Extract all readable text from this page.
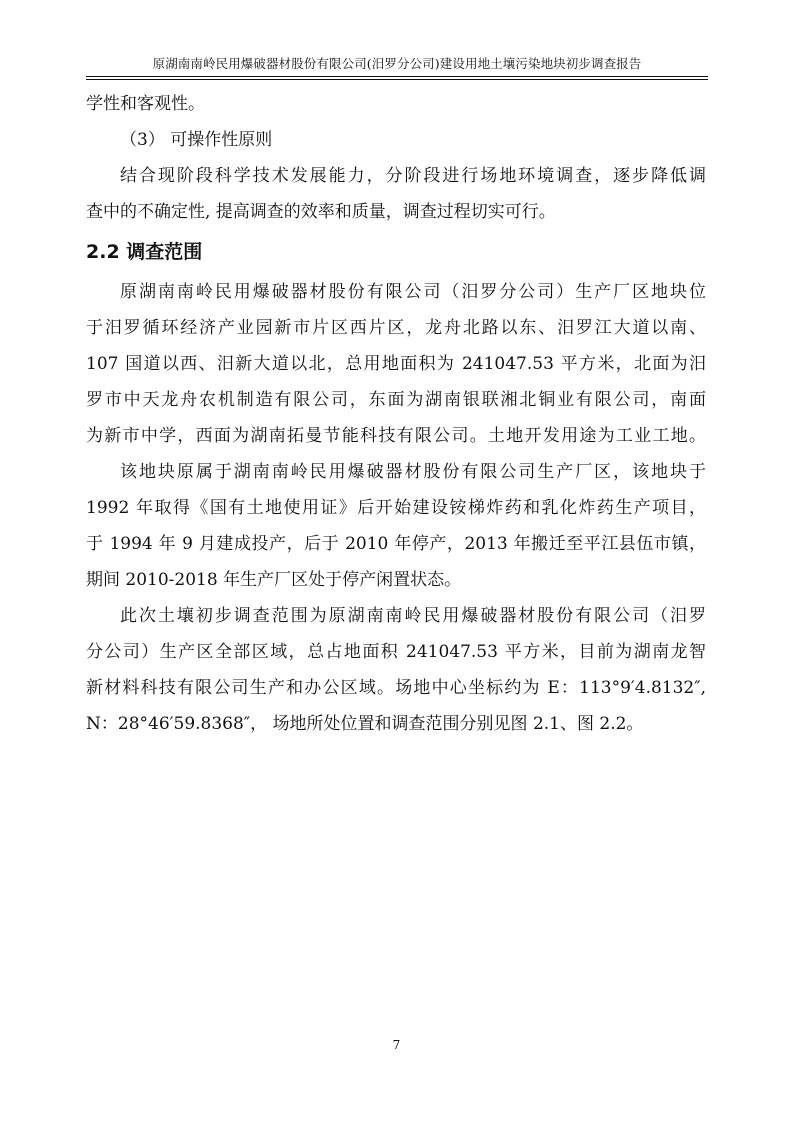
原湖南南岭民用爆破器材股份有限公司(汨罗分公司)建设用地土壤污染地块初步调查报告
学性和客观性。
（3） 可操作性原则
结合现阶段科学技术发展能力，分阶段进行场地环境调查，逐步降低调
查中的不确定性, 提高调查的效率和质量，调查过程切实可行。
2.2 调查范围
原湖南南岭民用爆破器材股份有限公司（汨罗分公司）生产厂区地块位
于汨罗循环经济产业园新市片区西片区，龙舟北路以东、汨罗江大道以南、
107 国道以西、汨新大道以北，总用地面积为 241047.53 平方米，北面为汨
罗市中天龙舟农机制造有限公司，东面为湖南银联湘北铜业有限公司，南面
为新市中学，西面为湖南拓曼节能科技有限公司。土地开发用途为工业工地。
该地块原属于湖南南岭民用爆破器材股份有限公司生产厂区，该地块于
1992 年取得《国有土地使用证》后开始建设铵梯炸药和乳化炸药生产项目，
于 1994 年 9 月建成投产，后于 2010 年停产，2013 年搬迁至平江县伍市镇，
期间 2010-2018 年生产厂区处于停产闲置状态。
此次土壤初步调查范围为原湖南南岭民用爆破器材股份有限公司（汨罗
分公司）生产区全部区域，总占地面积 241047.53 平方米，目前为湖南龙智
新材料科技有限公司生产和办公区域。场地中心坐标约为 E：113°9′4.8132″,
N：28°46′59.8368″， 场地所处位置和调查范围分别见图 2.1、图 2.2。
7
